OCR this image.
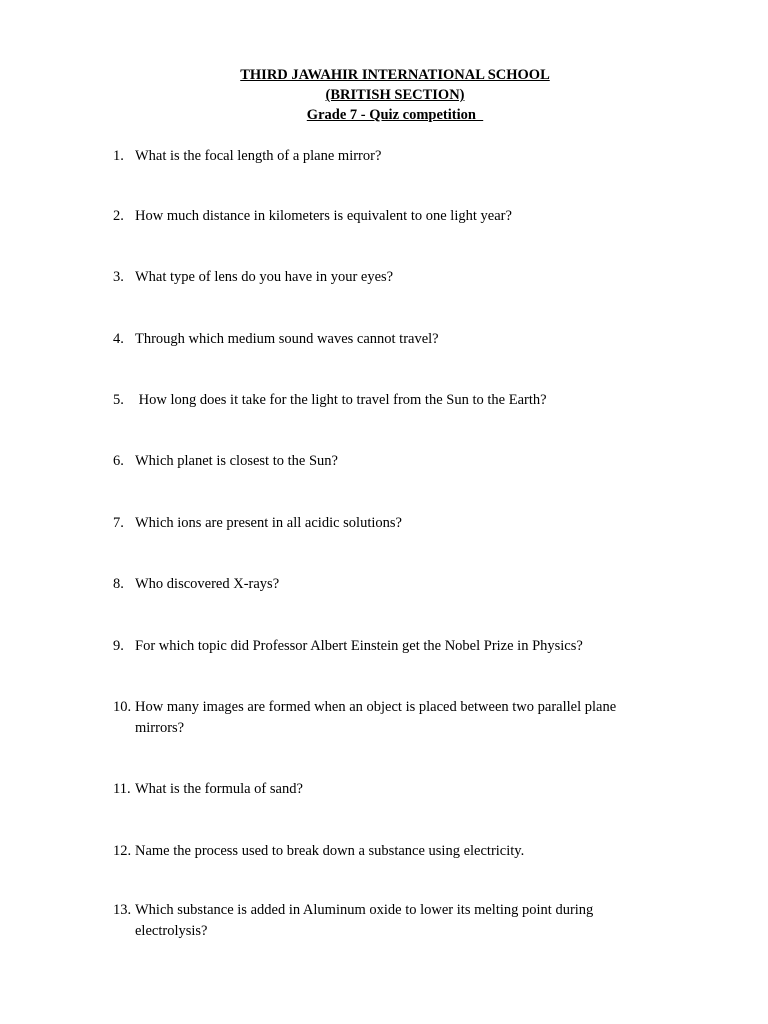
THIRD JAWAHIR INTERNATIONAL SCHOOL
(BRITISH SECTION)
Grade 7 - Quiz competition
1. What is the focal length of a plane mirror?
2. How much distance in kilometers is equivalent to one light year?
3. What type of lens do you have in your eyes?
4. Through which medium sound waves cannot travel?
5. How long does it take for the light to travel from the Sun to the Earth?
6. Which planet is closest to the Sun?
7. Which ions are present in all acidic solutions?
8. Who discovered X-rays?
9. For which topic did Professor Albert Einstein get the Nobel Prize in Physics?
10. How many images are formed when an object is placed between two parallel plane mirrors?
11. What is the formula of sand?
12. Name the process used to break down a substance using electricity.
13. Which substance is added in Aluminum oxide to lower its melting point during electrolysis?
